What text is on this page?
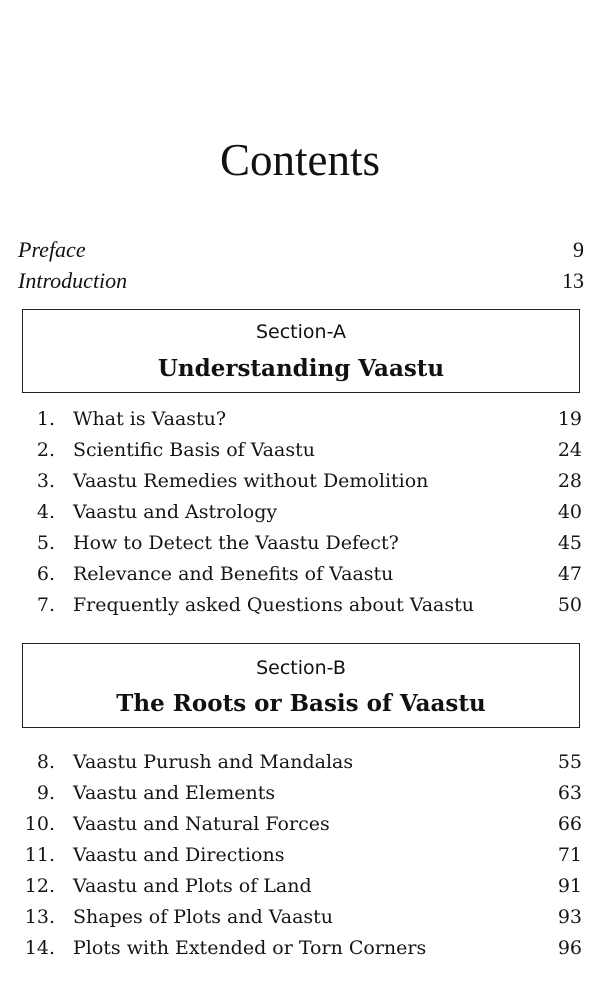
Contents
Preface	9
Introduction	13
Section-A
Understanding Vaastu
1. What is Vaastu?	19
2. Scientific Basis of Vaastu	24
3. Vaastu Remedies without Demolition	28
4. Vaastu and Astrology	40
5. How to Detect the Vaastu Defect?	45
6. Relevance and Benefits of Vaastu	47
7. Frequently asked Questions about Vaastu	50
Section-B
The Roots or Basis of Vaastu
8. Vaastu Purush and Mandalas	55
9. Vaastu and Elements	63
10. Vaastu and Natural Forces	66
11. Vaastu and Directions	71
12. Vaastu and Plots of Land	91
13. Shapes of Plots and Vaastu	93
14. Plots with Extended or Torn Corners	96
